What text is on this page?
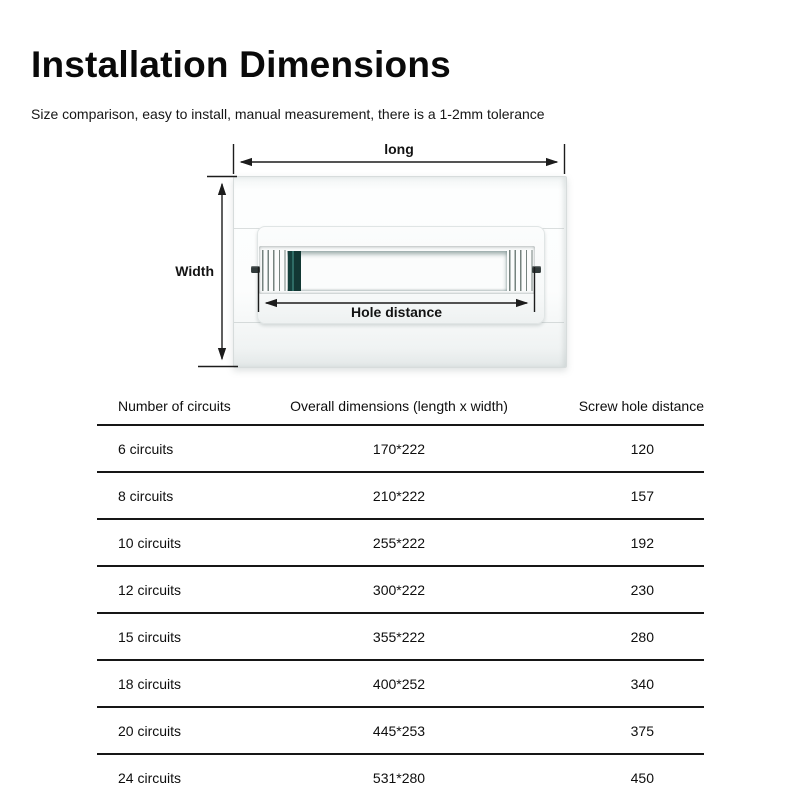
Installation Dimensions
Size comparison, easy to install, manual measurement, there is a 1-2mm tolerance
long
Width
Hole distance
Number of circuits	Overall dimensions (length x width)	Screw hole distance
6 circuits	170*222	120
8 circuits	210*222	157
10 circuits	255*222	192
12 circuits	300*222	230
15 circuits	355*222	280
18 circuits	400*252	340
20 circuits	445*253	375
24 circuits	531*280	450
